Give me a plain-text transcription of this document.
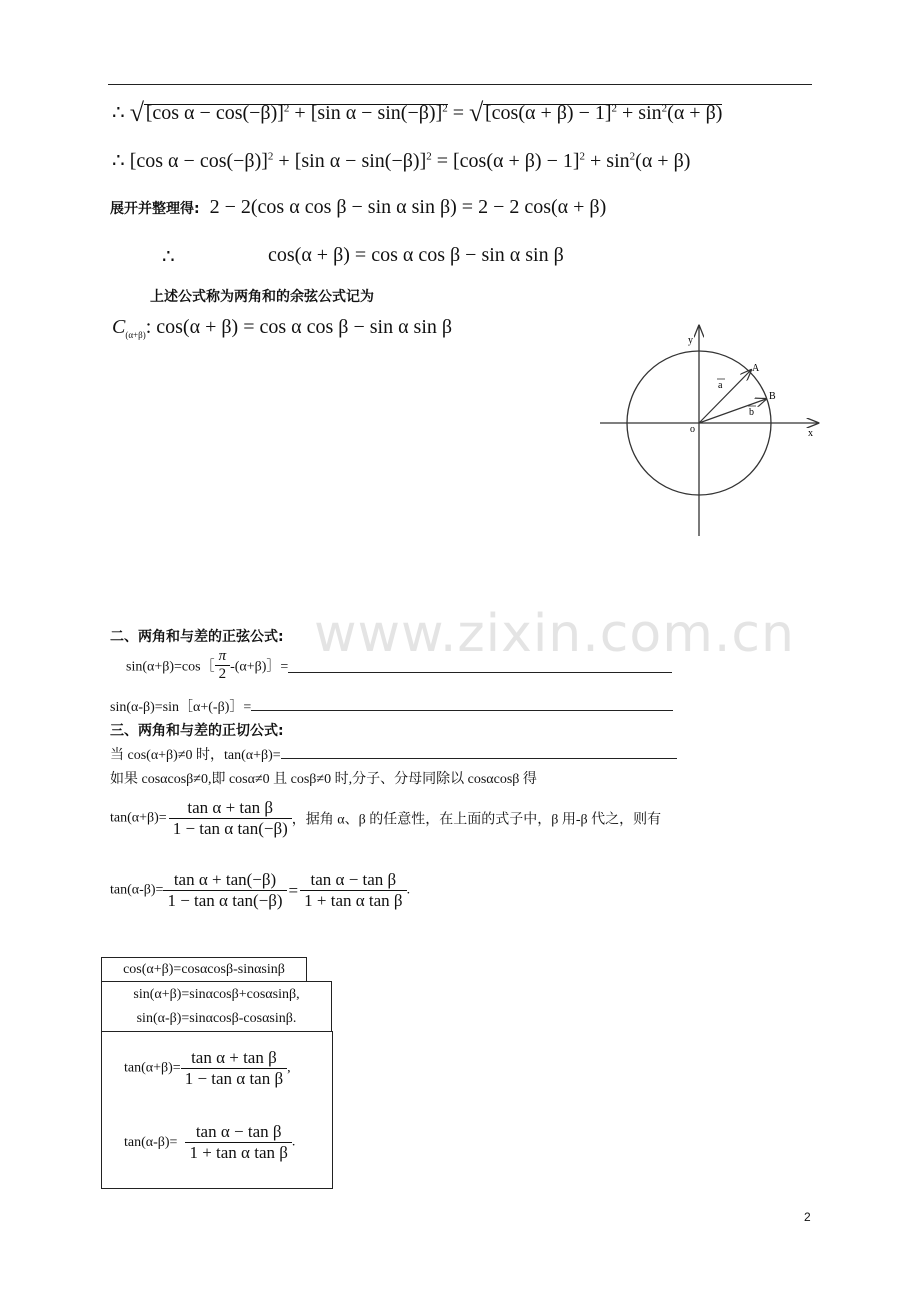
∴ √ [cos α − cos(−β)]$^2$ + [sin α − sin(−β)]$^2$ = √ $[\cos(\alpha + \beta) - 1]^2 + \sin^2(\alpha + \beta)$
∴ [cos α − cos(−β)]$^2$ + [sin $\alpha - \sin(-\beta)]^2 = [\cos(\alpha + \beta) - 1]^2 + \sin^2(\alpha + \beta)$
展开并整理得: 2 − 2(cos α cos β − sin α sin β) = 2 − 2 cos(α + β)
∴	cos(α + β) = cos α cos β − sin α sin β
上述公式称为两角和的余弦公式记为
$C_{(\alpha+\beta)}$: cos(α + β) = cos α cos β − sin α sin β
x
y
o
A
B
a
b
www.zixin.com.cn
二、两角和与差的正弦公式:
sin(α+β)=cos［ $\frac{\pi}{2}$ -(α+β)］=
sin(α-β)=sin［α+(-β)］=
三、两角和与差的正切公式:
当 cos(α+β)≠0 时，tan(α+β)=
如果 cosαcosβ≠0,即 cosα≠0 且 cosβ≠0 时,分子、分母同除以 cosαcosβ 得
$\tan(\alpha+\beta)= \frac{\text{tan α + tan β}}{\text{1 − tan α tan(−β)}}$ ，据角 α、β 的任意性，在上面的式子中，β 用-β 代之，则有
$\tan(\alpha-\beta)= \frac{\text{tan α + tan(−β)}}{\text{1 − tan α tan(−β)}} = \frac{\text{tan α − tan β}}{\text{1 + tan α tan β}}$ .
cos(α+β)=cosαcosβ-sinαsinβ
sin(α+β)=sinαcosβ+cosαsinβ,
sin(α-β)=sinαcosβ-cosαsinβ.
$\tan(\alpha+\beta)= \frac{\text{tan α + tan β}}{\text{1 − tan α tan β}}$ ,
$\tan(\alpha-\beta)= \frac{\text{tan α − tan β}}{\text{1 + tan α tan β}}$ .
2
